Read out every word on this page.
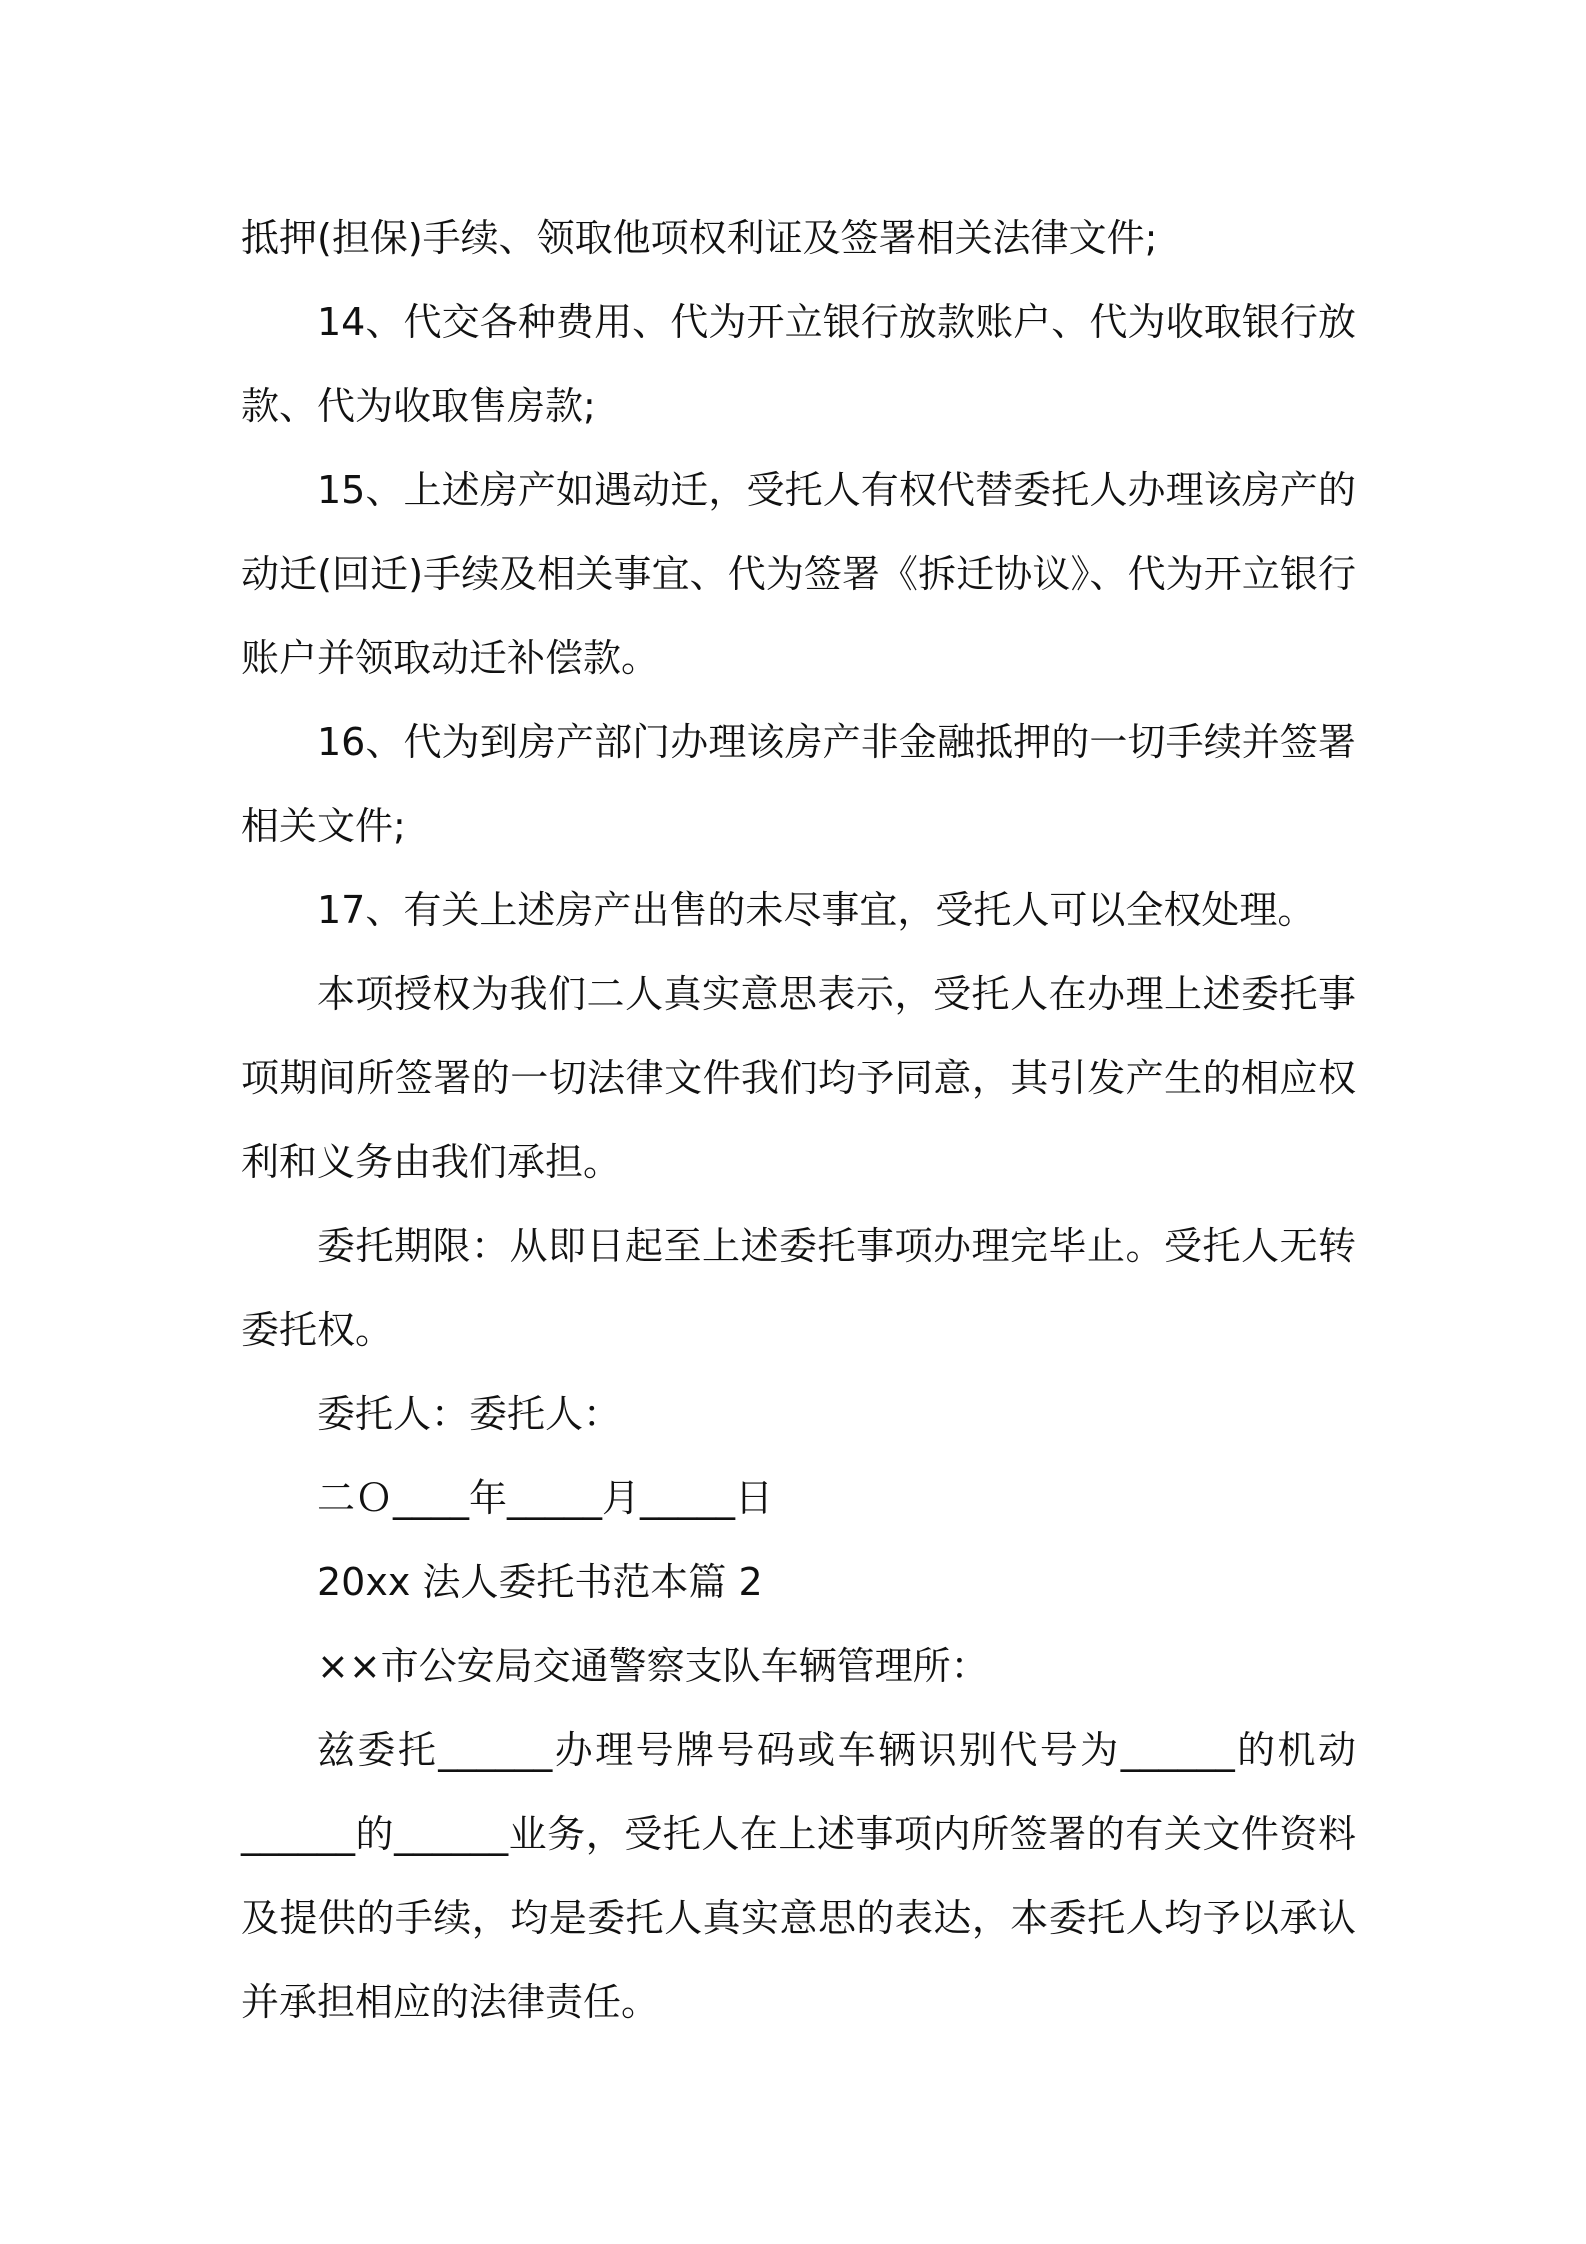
抵押(担保)手续、领取他项权利证及签署相关法律文件;

14、代交各种费用、代为开立银行放款账户、代为收取银行放款、代为收取售房款;

15、上述房产如遇动迁，受托人有权代替委托人办理该房产的动迁(回迁)手续及相关事宜、代为签署《拆迁协议》、代为开立银行账户并领取动迁补偿款。

16、代为到房产部门办理该房产非金融抵押的一切手续并签署相关文件;

17、有关上述房产出售的未尽事宜，受托人可以全权处理。

本项授权为我们二人真实意思表示，受托人在办理上述委托事项期间所签署的一切法律文件我们均予同意，其引发产生的相应权利和义务由我们承担。

委托期限：从即日起至上述委托事项办理完毕止。受托人无转委托权。

委托人：委托人：

二Ｏ____年_____月_____日

20xx 法人委托书范本篇 2

××市公安局交通警察支队车辆管理所：

兹委托______办理号牌号码或车辆识别代号为______的机动______的______业务，受托人在上述事项内所签署的有关文件资料及提供的手续，均是委托人真实意思的表达，本委托人均予以承认并承担相应的法律责任。
